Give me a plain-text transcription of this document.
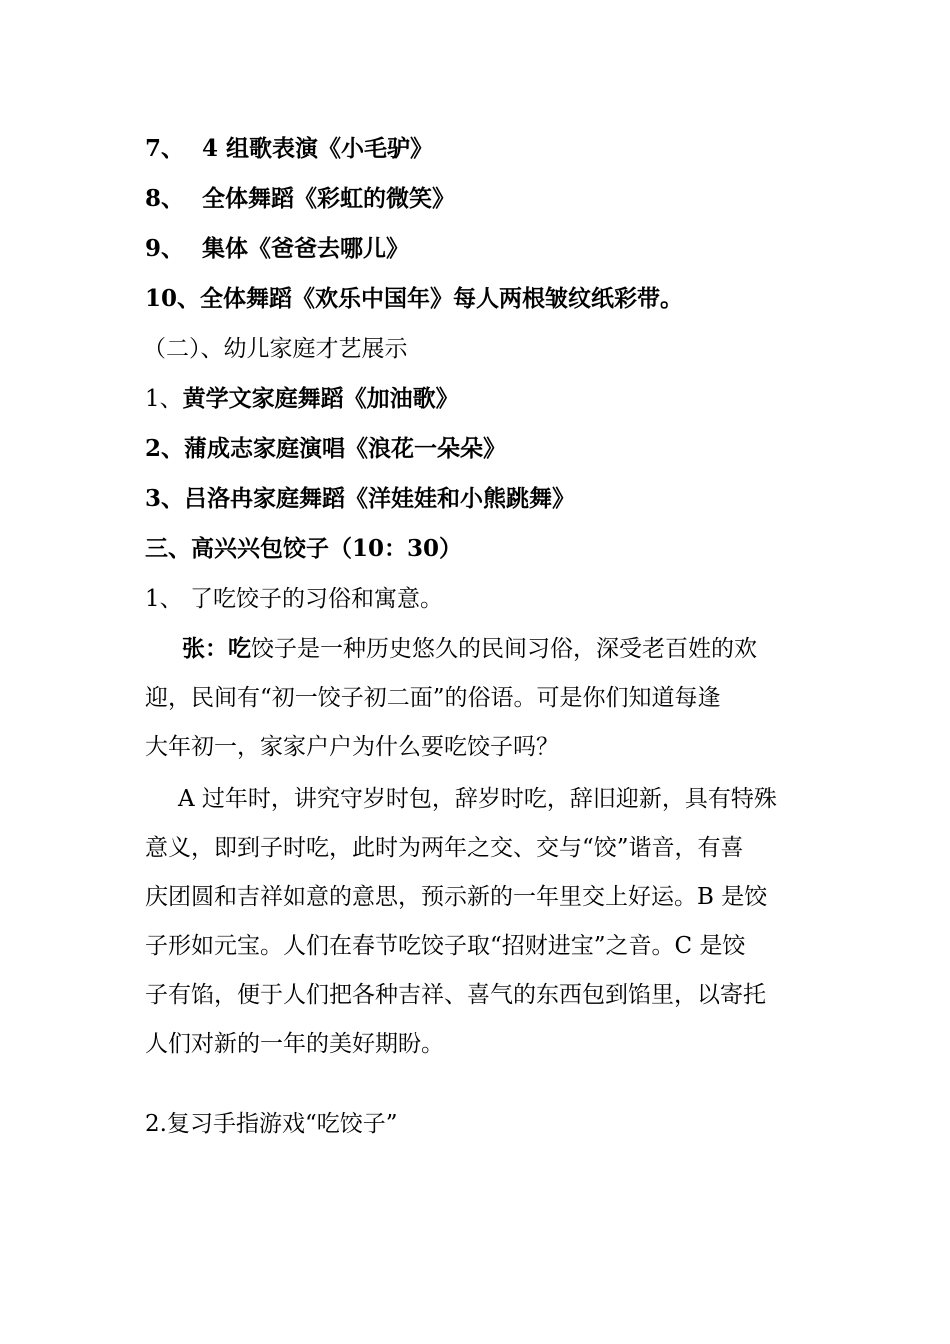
7、 4 组歌表演《小毛驴》
8、 全体舞蹈《彩虹的微笑》
9、 集体《爸爸去哪儿》
10、全体舞蹈《欢乐中国年》每人两根皱纹纸彩带。
（二）、幼儿家庭才艺展示
1、黄学文家庭舞蹈《加油歌》
2、蒲成志家庭演唱《浪花一朵朵》
3、吕洛冉家庭舞蹈《洋娃娃和小熊跳舞》
三、高兴兴包饺子（10：30）
1、 了吃饺子的习俗和寓意。
张：吃饺子是一种历史悠久的民间习俗，深受老百姓的欢
迎，民间有“初一饺子初二面”的俗语。可是你们知道每逢
大年初一，家家户户为什么要吃饺子吗？
A 过年时，讲究守岁时包，辞岁时吃，辞旧迎新，具有特殊
意义，即到子时吃，此时为两年之交、交与“饺”谐音，有喜
庆团圆和吉祥如意的意思，预示新的一年里交上好运。B 是饺
子形如元宝。人们在春节吃饺子取“招财进宝”之音。C 是饺
子有馅，便于人们把各种吉祥、喜气的东西包到馅里，以寄托
人们对新的一年的美好期盼。
2.复习手指游戏“吃饺子”
